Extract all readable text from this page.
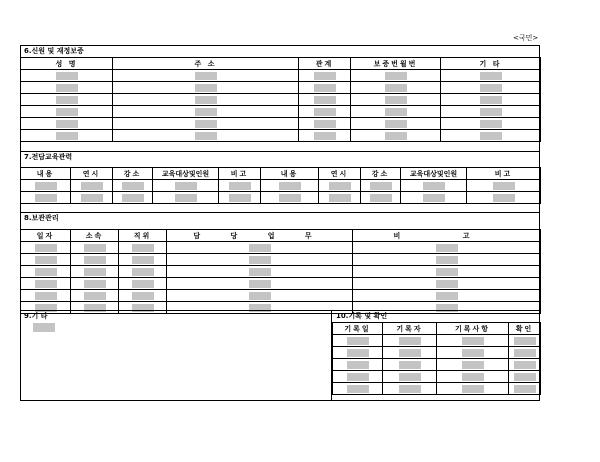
<국민>
6.신원 및 재정보증
성 명	주 소	관계	보증번월번	기 타

7.전담교육관력
내용	연시	강소	교육대상및인원	비고	내용	연시	강소	교육대상및인원	비고

8.보관관리
일자	소속	직위	담 당 업 무	비 고

9.기 타	10.기록 및 확인
기록일	기록자	기록사항	확인
